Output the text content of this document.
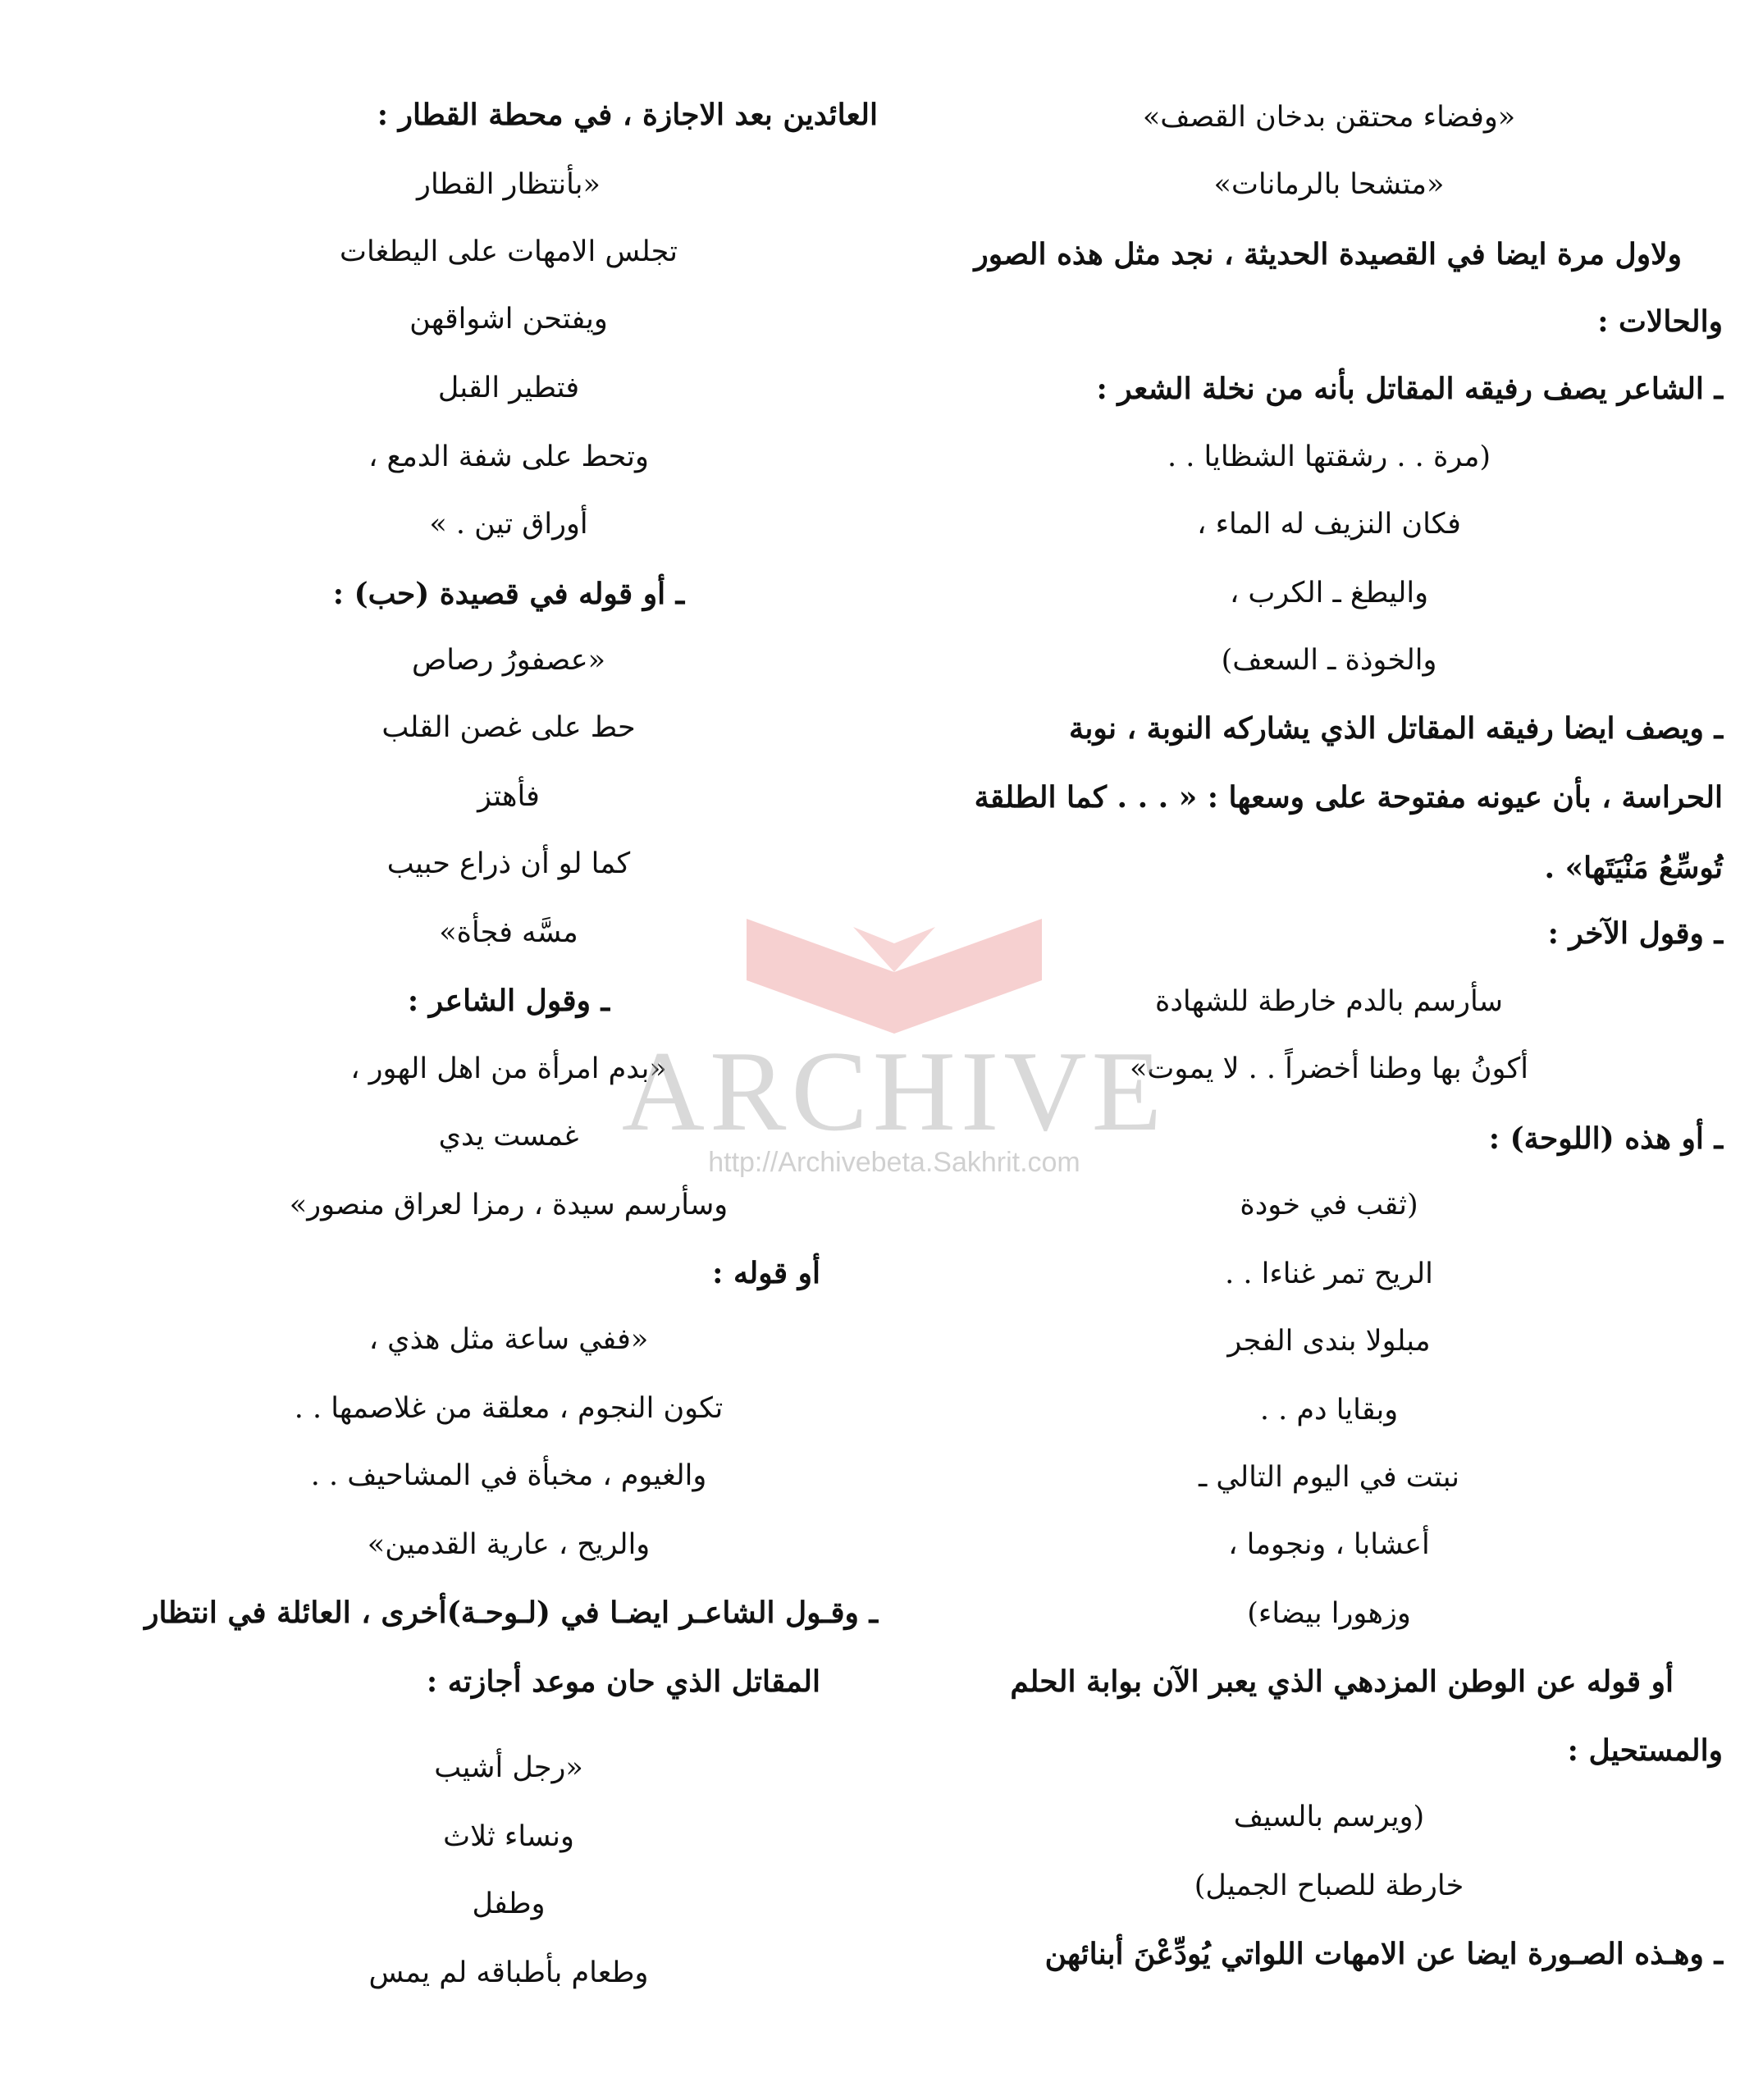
«وفضاء محتقن بدخان القصف»
«متشحا بالرمانات»
ولاول مرة ايضا في القصيدة الحديثة ، نجد مثل هذه الصور
والحالات :
ـ الشاعر يصف رفيقه المقاتل بأنه من نخلة الشعر :
(مرة . . رشقتها الشظايا . .
فكان النزيف له الماء ،
واليطغ ـ الكرب ،
والخوذة ـ السعف)
ـ ويصف ايضا رفيقه المقاتل الذي يشاركه النوبة ، نوبة
الحراسة ، بأن عيونه مفتوحة على وسعها : « . . . كما الطلقة
تُوسِّعُ مَنْيَتَها» .
ـ وقول الآخر :
سأرسم بالدم خارطة للشهادة
أكونُ بها وطنا أخضراً . . لا يموت»
ـ أو هذه (اللوحة) :
(ثقب في خودة
الريح تمر غناءا . .
مبلولا بندى الفجر
وبقايا دم . .
نبتت في اليوم التالي ـ
أعشابا ، ونجوما ،
وزهورا بيضاء)
أو قوله عن الوطن المزدهي الذي يعبر الآن بوابة الحلم
والمستحيل :
(ويرسم بالسيف
خارطة للصباح الجميل)
ـ وهـذه الصـورة ايضا عن الامهات اللواتي يُودِّعْنَ أبنائهن
العائدين بعد الاجازة ، في محطة القطار :
«بأنتظار القطار
تجلس الامهات على اليطغات
ويفتحن اشواقهن
فتطير القبل
وتحط على شفة الدمع ،
أوراق تين . »
ـ أو قوله في قصيدة (حب) :
«عصفورُ رصاص
حط على غصن القلب
فأهتز
كما لو أن ذراع حبيب
مسَّه فجأة»
ـ وقول الشاعر :
«بدم امرأة من اهل الهور ،
غمست يدي
وسأرسم سيدة ، رمزا لعراق منصور»
أو قوله :
«ففي ساعة مثل هذي ،
تكون النجوم ، معلقة من غلاصمها . .
والغيوم ، مخبأة في المشاحيف . .
والريح ، عارية القدمين»
ـ وقـول الشاعـر ايضـا في (لـوحـة)أخرى ، العائلة في انتظار
المقاتل الذي حان موعد أجازته :
«رجل أشيب
ونساء ثلاث
وطفل
وطعام بأطباقه لم يمس
ARCHIVE
http://Archivebeta.Sakhrit.com
